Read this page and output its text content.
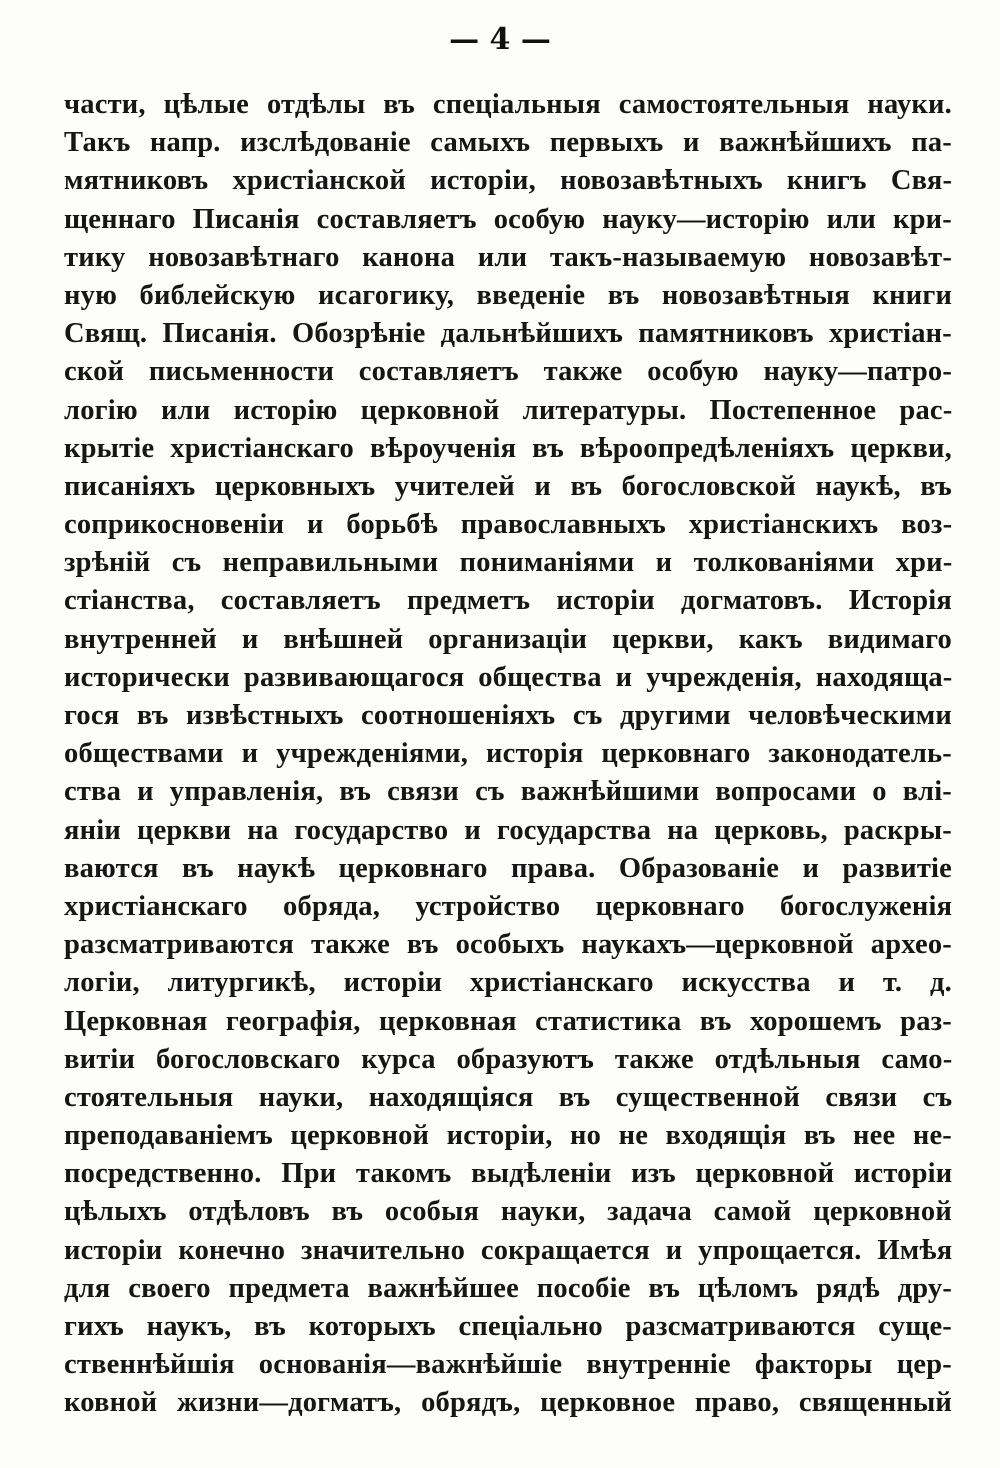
— 4 —
части, цѣлые отдѣлы въ спеціальныя самостоятельныя науки.
Такъ напр. изслѣдованіе самыхъ первыхъ и важнѣйшихъ па-
мятниковъ христіанской исторіи, новозавѣтныхъ книгъ Свя-
щеннаго Писанія составляетъ особую науку—исторію или кри-
тику новозавѣтнаго канона или такъ-называемую новозавѣт-
ную библейскую исагогику, введеніе въ новозавѣтныя книги
Свящ. Писанія. Обозрѣніе дальнѣйшихъ памятниковъ христіан-
ской письменности составляетъ также особую науку—патро-
логію или исторію церковной литературы. Постепенное рас-
крытіе христіанскаго вѣроученія въ вѣроопредѣленіяхъ церкви,
писаніяхъ церковныхъ учителей и въ богословской наукѣ, въ
соприкосновеніи и борьбѣ православныхъ христіанскихъ воз-
зрѣній съ неправильными пониманіями и толкованіями хри-
стіанства, составляетъ предметъ исторіи догматовъ. Исторія
внутренней и внѣшней организаціи церкви, какъ видимаго
исторически развивающагося общества и учрежденія, находяща-
гося въ извѣстныхъ соотношеніяхъ съ другими человѣческими
обществами и учрежденіями, исторія церковнаго законодатель-
ства и управленія, въ связи съ важнѣйшими вопросами о влі-
яніи церкви на государство и государства на церковь, раскры-
ваются въ наукѣ церковнаго права. Образованіе и развитіе
христіанскаго обряда, устройство церковнаго богослуженія
разсматриваются также въ особыхъ наукахъ—церковной архео-
логіи, литургикѣ, исторіи христіанскаго искусства и т. д.
Церковная географія, церковная статистика въ хорошемъ раз-
витіи богословскаго курса образуютъ также отдѣльныя само-
стоятельныя науки, находящіяся въ существенной связи съ
преподаваніемъ церковной исторіи, но не входящія въ нее не-
посредственно. При такомъ выдѣленіи изъ церковной исторіи
цѣлыхъ отдѣловъ въ особыя науки, задача самой церковной
исторіи конечно значительно сокращается и упрощается. Имѣя
для своего предмета важнѣйшее пособіе въ цѣломъ рядѣ дру-
гихъ наукъ, въ которыхъ спеціально разсматриваются суще-
ственнѣйшія основанія—важнѣйшіе внутренніе факторы цер-
ковной жизни—догматъ, обрядъ, церковное право, священный
